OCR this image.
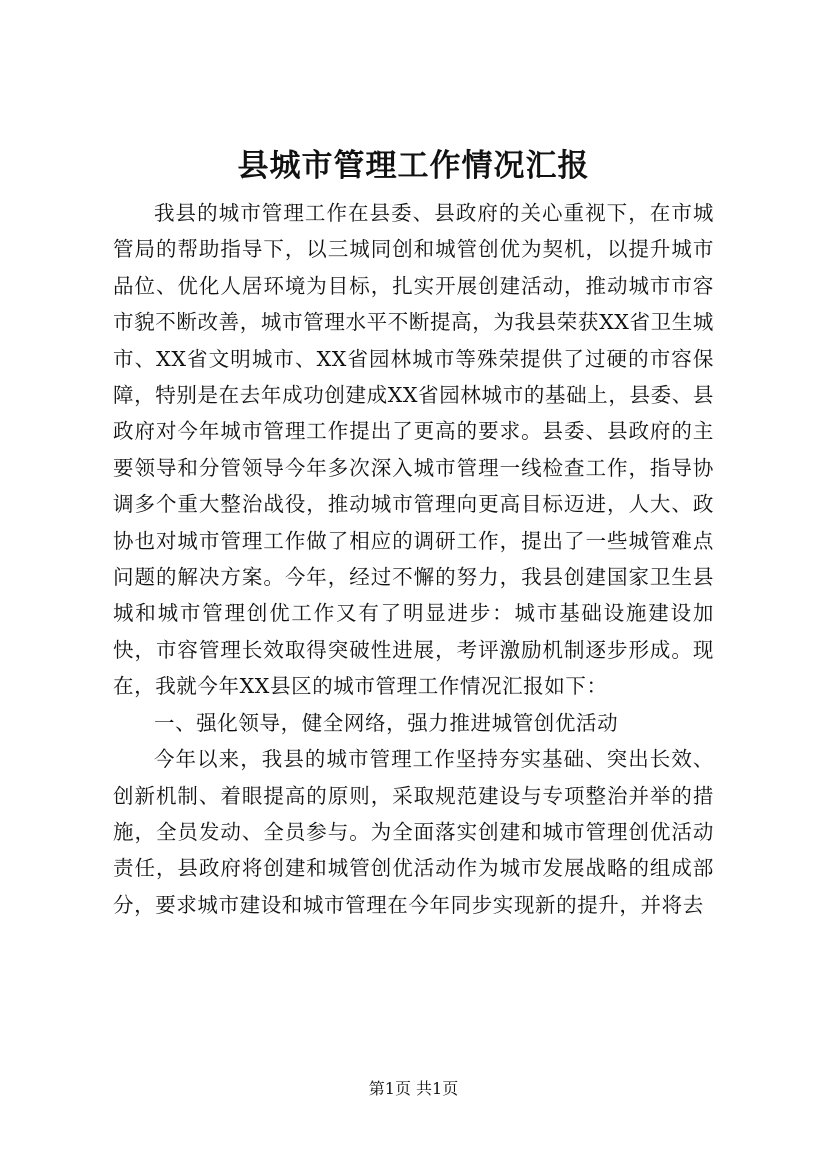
县城市管理工作情况汇报

我县的城市管理工作在县委、县政府的关心重视下，在市城管局的帮助指导下，以三城同创和城管创优为契机，以提升城市品位、优化人居环境为目标，扎实开展创建活动，推动城市市容市貌不断改善，城市管理水平不断提高，为我县荣获XX省卫生城市、XX省文明城市、XX省园林城市等殊荣提供了过硬的市容保障，特别是在去年成功创建成XX省园林城市的基础上，县委、县政府对今年城市管理工作提出了更高的要求。县委、县政府的主要领导和分管领导今年多次深入城市管理一线检查工作，指导协调多个重大整治战役，推动城市管理向更高目标迈进，人大、政协也对城市管理工作做了相应的调研工作，提出了一些城管难点问题的解决方案。今年，经过不懈的努力，我县创建国家卫生县城和城市管理创优工作又有了明显进步：城市基础设施建设加快，市容管理长效取得突破性进展，考评激励机制逐步形成。现在，我就今年XX县区的城市管理工作情况汇报如下：

一、强化领导，健全网络，强力推进城管创优活动

今年以来，我县的城市管理工作坚持夯实基础、突出长效、创新机制、着眼提高的原则，采取规范建设与专项整治并举的措施，全员发动、全员参与。为全面落实创建和城市管理创优活动责任，县政府将创建和城管创优活动作为城市发展战略的组成部分，要求城市建设和城市管理在今年同步实现新的提升，并将去

第1页 共1页
